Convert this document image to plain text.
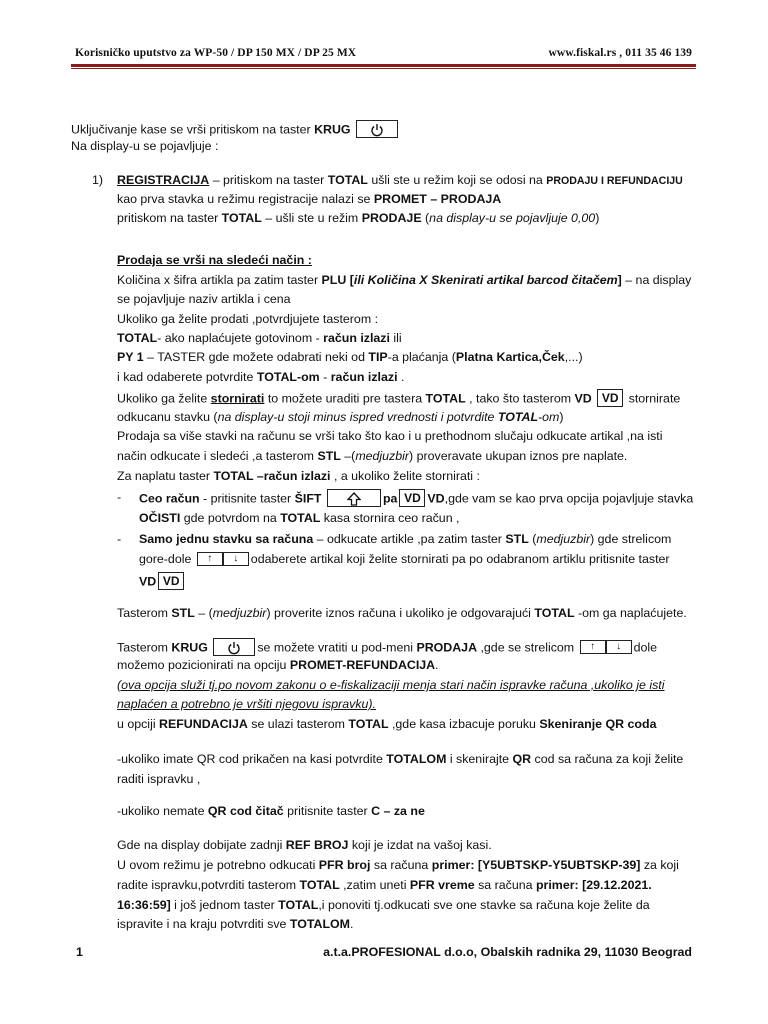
Korisničko uputstvo za WP-50 / DP 150 MX / DP 25 MX	www.fiskal.rs , 011 35 46 139
Uključivanje kase se vrši pritiskom na taster KRUG
Na display-u se pojavljuje :
1) REGISTRACIJA – pritiskom na taster TOTAL ušli ste u režim koji se odosi na PRODAJU I REFUNDACIJU
kao prva stavka u režimu registracije nalazi se PROMET – PRODAJA
pritiskom na taster TOTAL – ušli ste u režim PRODAJE (na display-u se pojavljuje 0,00)
Prodaja se vrši na sledeći način :
Količina x šifra artikla pa zatim taster PLU [ili Količina X Skenirati artikal barcod čitačem] – na display
se pojavljuje naziv artikla i cena
Ukoliko ga želite prodati ,potvrdjujete tasterom :
TOTAL- ako naplaćujete gotovinom - račun izlazi ili
PY 1 – TASTER gde možete odabrati neki od TIP-a plaćanja (Platna Kartica,Ček,...)
i kad odaberete potvrdite TOTAL-om - račun izlazi .
Ukoliko ga želite stornirati to možete uraditi pre tastera TOTAL , tako što tasterom VD VD stornirate
odkucanu stavku (na display-u stoji minus ispred vrednosti i potvrdite TOTAL-om)
Prodaja sa više stavki na računu se vrši tako što kao i u prethodnom slučaju odkucate artikal ,na isti
način odkucate i sledeći ,a tasterom STL –(medjuzbir) proveravate ukupan iznos pre naplate.
Za naplatu taster TOTAL –račun izlazi , a ukoliko želite stornirati :
- Ceo račun - pritisnite taster ŠIFT	pa VD VD,gde vam se kao prva opcija pojavljuje stavka
OČISTI gde potvrdom na TOTAL kasa stornira ceo račun ,
- Samo jednu stavku sa računa – odkucate artikle ,pa zatim taster STL (medjuzbir) gde strelicom
gore-dole ↑ ↓ odaberete artikal koji želite stornirati pa po odabranom artiklu pritisnite taster
VD VD
Tasterom STL – (medjuzbir) proverite iznos računa i ukoliko je odgovarajući TOTAL -om ga naplaćujete.
Tasterom KRUG	se možete vratiti u pod-meni PRODAJA ,gde se strelicom ↑ ↓ dole
možemo pozicionirati na opciju PROMET-REFUNDACIJA.
(ova opcija služi tj.po novom zakonu o e-fiskalizaciji menja stari način ispravke računa ,ukoliko je isti
naplaćen a potrebno je vršiti njegovu ispravku).
u opciji REFUNDACIJA se ulazi tasterom TOTAL ,gde kasa izbacuje poruku Skeniranje QR coda
-ukoliko imate QR cod prikačen na kasi potvrdite TOTALOM i skenirajte QR cod sa računa za koji želite
raditi ispravku ,
-ukoliko nemate QR cod čitač pritisnite taster C – za ne
Gde na display dobijate zadnji REF BROJ koji je izdat na vašoj kasi.
U ovom režimu je potrebno odkucati PFR broj sa računa primer: [Y5UBTSKP-Y5UBTSKP-39] za koji
radite ispravku,potvrditi tasterom TOTAL ,zatim uneti PFR vreme sa računa primer: [29.12.2021.
16:36:59] i još jednom taster TOTAL,i ponoviti tj.odkucati sve one stavke sa računa koje želite da
ispravite i na kraju potvrditi sve TOTALOM.
1	a.t.a.PROFESIONAL d.o.o, Obalskih radnika 29, 11030 Beograd
